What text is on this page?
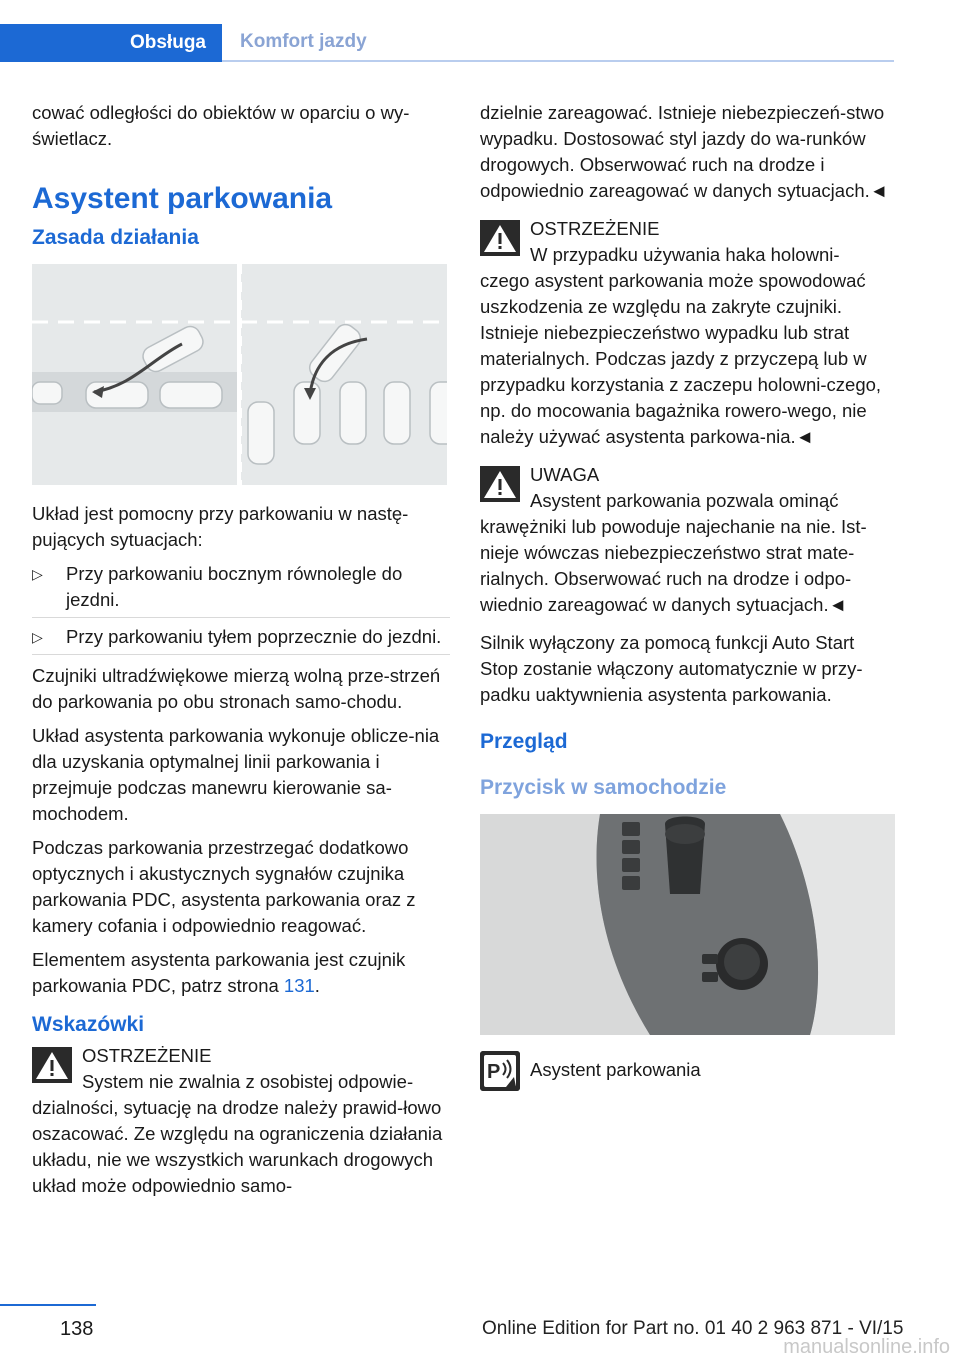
Obsługa	Komfort jazdy

cować odległości do obiektów w oparciu o wy-świetlacz.

Asystent parkowania
Zasada działania

Układ jest pomocny przy parkowaniu w nastę-pujących sytuacjach:

▷ Przy parkowaniu bocznym równolegle do jezdni.
▷ Przy parkowaniu tyłem poprzecznie do jezdni.

Czujniki ultradźwiękowe mierzą wolną prze-strzeń do parkowania po obu stronach samo-chodu.

Układ asystenta parkowania wykonuje oblicze-nia dla uzyskania optymalnej linii parkowania i przejmuje podczas manewru kierowanie sa-mochodem.

Podczas parkowania przestrzegać dodatkowo optycznych i akustycznych sygnałów czujnika parkowania PDC, asystenta parkowania oraz z kamery cofania i odpowiednio reagować.

Elementem asystenta parkowania jest czujnik parkowania PDC, patrz strona 131.

Wskazówki
OSTRZEŻENIE
System nie zwalnia z osobistej odpowie-
dzialności, sytuację na drodze należy prawid-łowo oszacować. Ze względu na ograniczenia działania układu, nie we wszystkich warunkach drogowych układ może odpowiednio samo-

dzielnie zareagować. Istnieje niebezpieczeń-stwo wypadku. Dostosować styl jazdy do wa-runków drogowych. Obserwować ruch na drodze i odpowiednio zareagować w danych sytuacjach.◄

OSTRZEŻENIE
W przypadku używania haka holowni-
czego asystent parkowania może spowodować uszkodzenia ze względu na zakryte czujniki. Istnieje niebezpieczeństwo wypadku lub strat materialnych. Podczas jazdy z przyczepą lub w przypadku korzystania z zaczepu holowni-czego, np. do mocowania bagażnika rowero-wego, nie należy używać asystenta parkowa-nia.◄
UWAGA
Asystent parkowania pozwala ominąć
krawężniki lub powoduje najechanie na nie. Ist-nieje wówczas niebezpieczeństwo strat mate-rialnych. Obserwować ruch na drodze i odpo-wiednio zareagować w danych sytuacjach.◄

Silnik wyłączony za pomocą funkcji Auto Start Stop zostanie włączony automatycznie w przy-padku uaktywnienia asystenta parkowania.

Przegląd
Przycisk w samochodzie
P Asystent parkowania
138	Online Edition for Part no. 01 40 2 963 871 - VI/15
manualsonline.info
